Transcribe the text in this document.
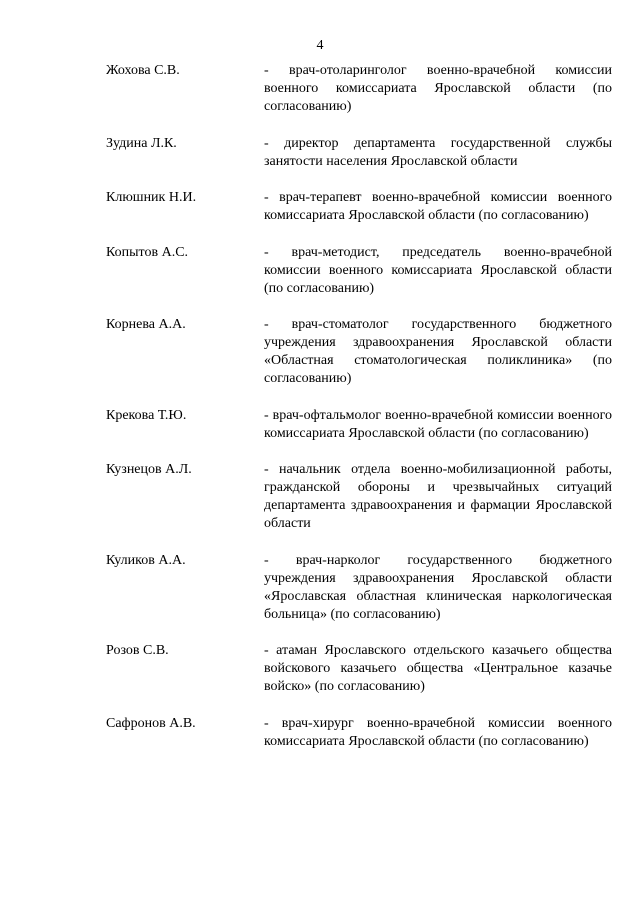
4
Жохова С.В.	- врач-отоларинголог военно-врачебной комиссии военного комиссариата Ярославской области (по согласованию)
Зудина Л.К.	- директор департамента государственной службы занятости населения Ярославской области
Клюшник Н.И.	- врач-терапевт военно-врачебной комиссии военного комиссариата Ярославской области (по согласованию)
Копытов А.С.	- врач-методист, председатель военно-врачебной комиссии военного комиссариата Ярославской области (по согласованию)
Корнева А.А.	- врач-стоматолог государственного бюджетного учреждения здравоохранения Ярославской области «Областная стоматологическая поликлиника» (по согласованию)
Крекова Т.Ю.	- врач-офтальмолог военно-врачебной комиссии военного комиссариата Ярославской области (по согласованию)
Кузнецов А.Л.	- начальник отдела военно-мобилизационной работы, гражданской обороны и чрезвычайных ситуаций департамента здравоохранения и фармации Ярославской области
Куликов А.А.	- врач-нарколог государственного бюджетного учреждения здравоохранения Ярославской области «Ярославская областная клиническая наркологическая больница» (по согласованию)
Розов С.В.	- атаман Ярославского отдельского казачьего общества войскового казачьего общества «Центральное казачье войско» (по согласованию)
Сафронов А.В.	- врач-хирург военно-врачебной комиссии военного комиссариата Ярославской области (по согласованию)
